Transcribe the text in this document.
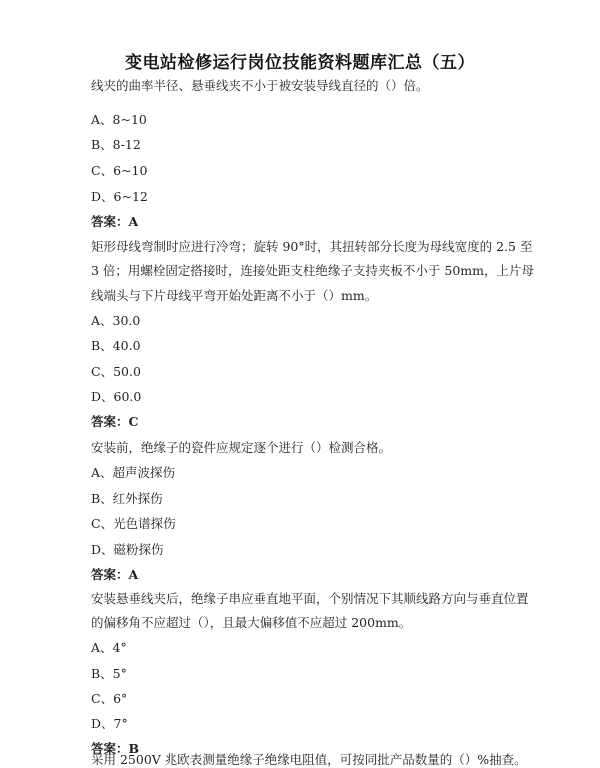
变电站检修运行岗位技能资料题库汇总（五）
线夹的曲率半径、悬垂线夹不小于被安装导线直径的（）倍。
A、8~10
B、8-12
C、6~10
D、6~12
答案：A
矩形母线弯制时应进行冷弯；旋转 90°时，其扭转部分长度为母线宽度的 2.5 至
3 倍；用螺栓固定搭接时，连接处距支柱绝缘子支持夹板不小于 50mm，上片母
线端头与下片母线平弯开始处距离不小于（）mm。
A、30.0
B、40.0
C、50.0
D、60.0
答案：C
安装前，绝缘子的瓷件应规定逐个进行（）检测合格。
A、超声波探伤
B、红外探伤
C、光色谱探伤
D、磁粉探伤
答案：A
安装悬垂线夹后，绝缘子串应垂直地平面，个别情况下其顺线路方向与垂直位置
的偏移角不应超过（），且最大偏移值不应超过 200mm。
A、4°
B、5°
C、6°
D、7°
答案：B
采用 2500V 兆欧表测量绝缘子绝缘电阻值，可按同批产品数量的（）%抽查。
